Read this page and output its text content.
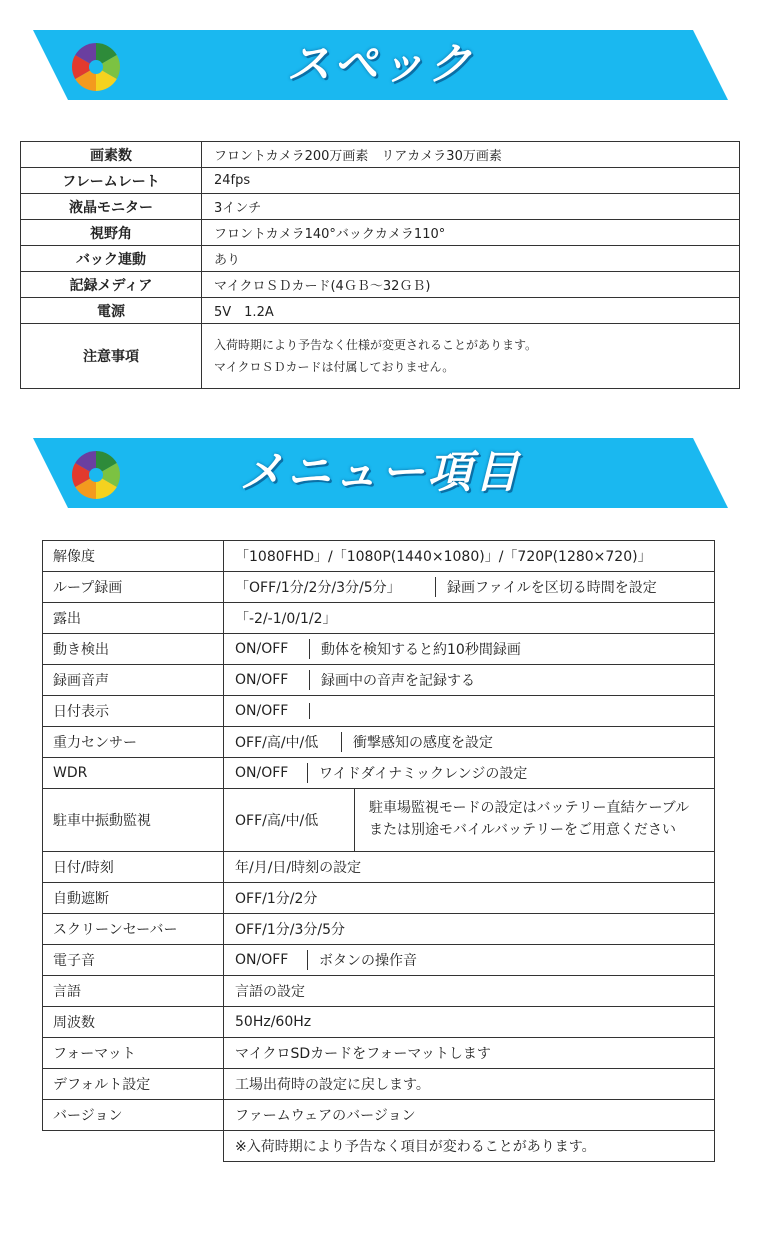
スペック
画素数	フロントカメラ200万画素　リアカメラ30万画素
フレームレート	24fps
液晶モニター	3インチ
視野角	フロントカメラ140°バックカメラ110°
バック連動	あり
記録メディア	マイクロＳＤカード(4ＧＢ～32ＧＢ)
電源	5V　1.2A
注意事項	入荷時期により予告なく仕様が変更されることがあります。
マイクロＳＤカードは付属しておりません。
メニュー項目
解像度	「1080FHD」/「1080P(1440×1080)」/「720P(1280×720)」
ループ録画	「OFF/1分/2分/3分/5分」 録画ファイルを区切る時間を設定

露出	「-2/-1/0/1/2」
動き検出	ON/OFF 動体を検知すると約10秒間録画

録画音声	ON/OFF 録画中の音声を記録する

日付表示	ON/OFF

重力センサー	OFF/高/中/低 衝撃感知の感度を設定

WDR	ON/OFF ワイドダイナミックレンジの設定

駐車中振動監視	OFF/高/中/低
駐車場監視モードの設定はバッテリー直結ケーブル
または別途モバイルバッテリーをご用意ください

日付/時刻	年/月/日/時刻の設定
自動遮断	OFF/1分/2分
スクリーンセーバー	OFF/1分/3分/5分
電子音	ON/OFF ボタンの操作音

言語	言語の設定
周波数	50Hz/60Hz
フォーマット	マイクロSDカードをフォーマットします
デフォルト設定	工場出荷時の設定に戻します。
バージョン	ファームウェアのバージョン
	※入荷時期により予告なく項目が変わることがあります。
